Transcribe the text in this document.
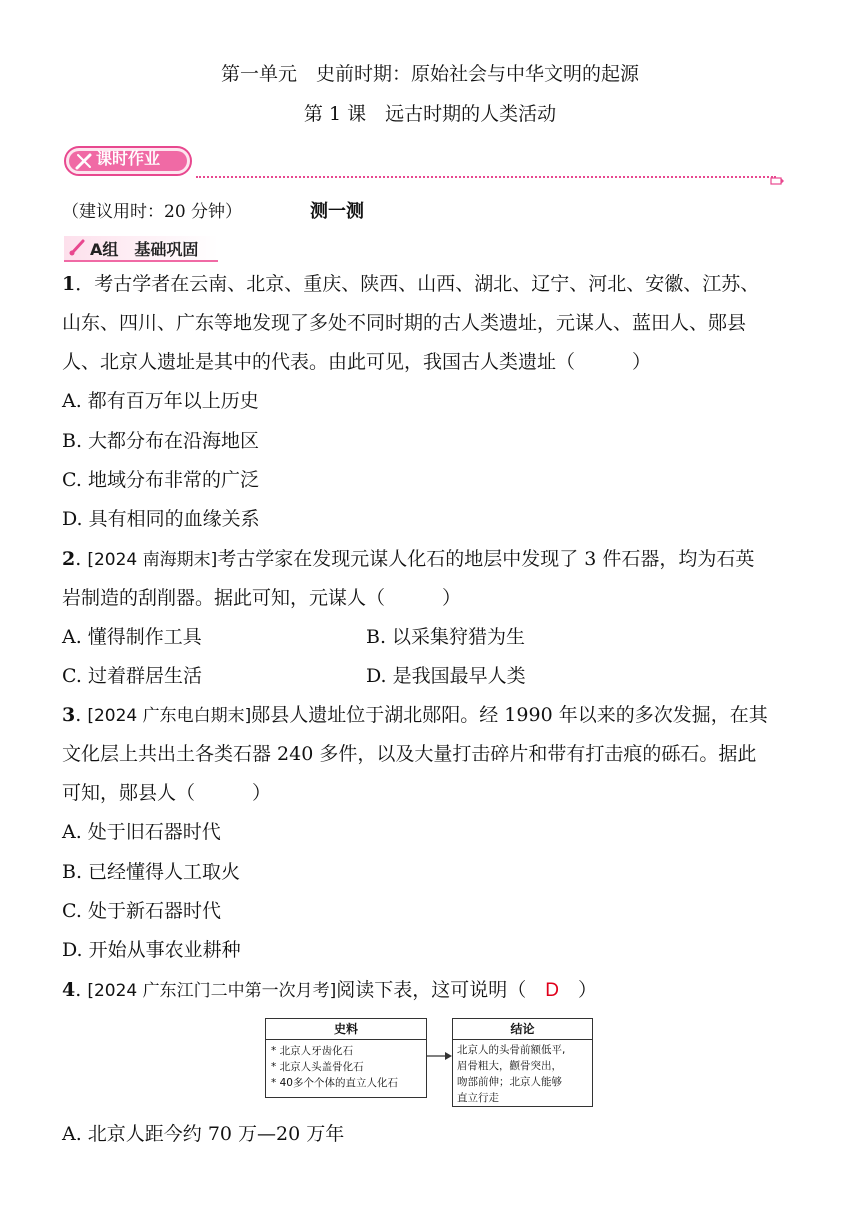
第一单元　史前时期：原始社会与中华文明的起源
第 1 课　远古时期的人类活动
课时作业
（建议用时：20 分钟）	测一测
A组　基础巩固
1．考古学者在云南、北京、重庆、陕西、山西、湖北、辽宁、河北、安徽、江苏、
山东、四川、广东等地发现了多处不同时期的古人类遗址，元谋人、蓝田人、郧县
人、北京人遗址是其中的代表。由此可见，我国古人类遗址（　　　）
A. 都有百万年以上历史
B. 大都分布在沿海地区
C. 地域分布非常的广泛
D. 具有相同的血缘关系
2. [2024 南海期末]考古学家在发现元谋人化石的地层中发现了 3 件石器，均为石英
岩制造的刮削器。据此可知，元谋人（　　　）
A. 懂得制作工具	B. 以采集狩猎为生
C. 过着群居生活	D. 是我国最早人类
3. [2024 广东电白期末]郧县人遗址位于湖北郧阳。经 1990 年以来的多次发掘，在其
文化层上共出土各类石器 240 多件，以及大量打击碎片和带有打击痕的砾石。据此
可知，郧县人（　　　）
A. 处于旧石器时代
B. 已经懂得人工取火
C. 处于新石器时代
D. 开始从事农业耕种
4. [2024 广东江门二中第一次月考]阅读下表，这可说明（　D　）
史料
* 北京人牙齿化石
* 北京人头盖骨化石
* 40多个个体的直立人化石
结论
北京人的头骨前额低平,
眉骨粗大，颧骨突出，
吻部前伸；北京人能够
直立行走
A. 北京人距今约 70 万—20 万年
